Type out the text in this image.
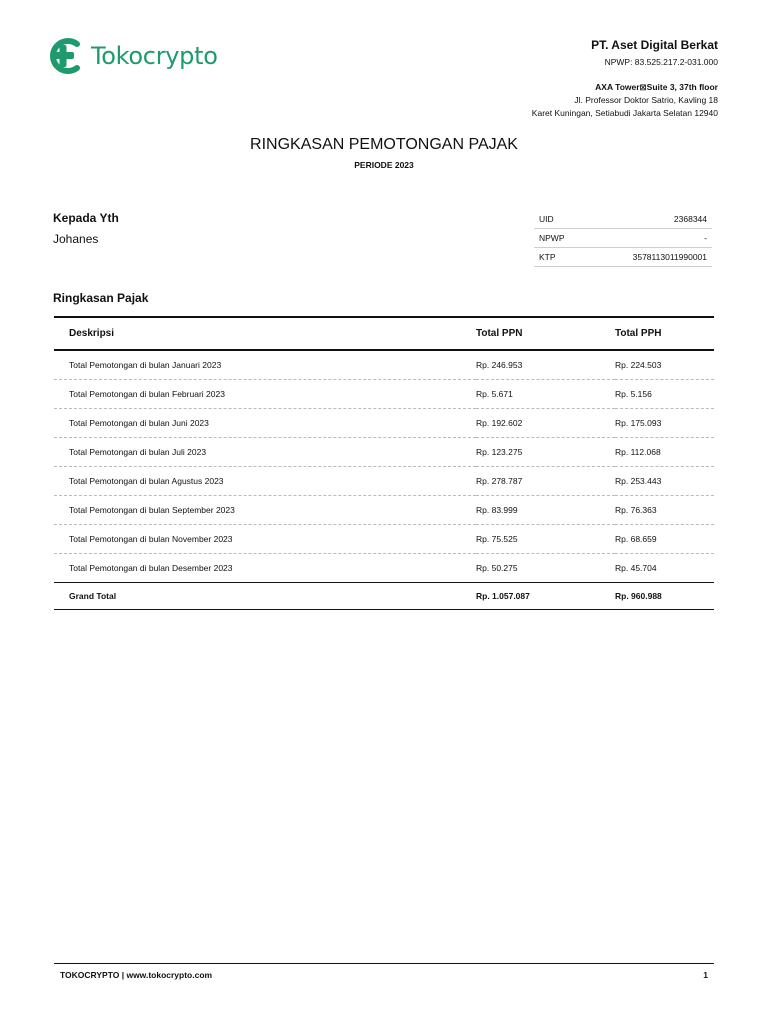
Tokocrypto	PT. Aset Digital Berkat
NPWP: 83.525.217.2-031.000
AXA Tower⊠Suite 3, 37th floor
Jl. Professor Doktor Satrio, Kavling 18
Karet Kuningan, Setiabudi Jakarta Selatan 12940
RINGKASAN PEMOTONGAN PAJAK
PERIODE 2023
Kepada Yth
Johanes
UID	2368344
NPWP	-
KTP	3578113011990001
Ringkasan Pajak
Deskripsi	Total PPN	Total PPH
Total Pemotongan di bulan Januari 2023	Rp. 246.953	Rp. 224.503
Total Pemotongan di bulan Februari 2023	Rp. 5.671	Rp. 5.156
Total Pemotongan di bulan Juni 2023	Rp. 192.602	Rp. 175.093
Total Pemotongan di bulan Juli 2023	Rp. 123.275	Rp. 112.068
Total Pemotongan di bulan Agustus 2023	Rp. 278.787	Rp. 253.443
Total Pemotongan di bulan September 2023	Rp. 83.999	Rp. 76.363
Total Pemotongan di bulan November 2023	Rp. 75.525	Rp. 68.659
Total Pemotongan di bulan Desember 2023	Rp. 50.275	Rp. 45.704
Grand Total	Rp. 1.057.087	Rp. 960.988
TOKOCRYPTO | www.tokocrypto.com	1
